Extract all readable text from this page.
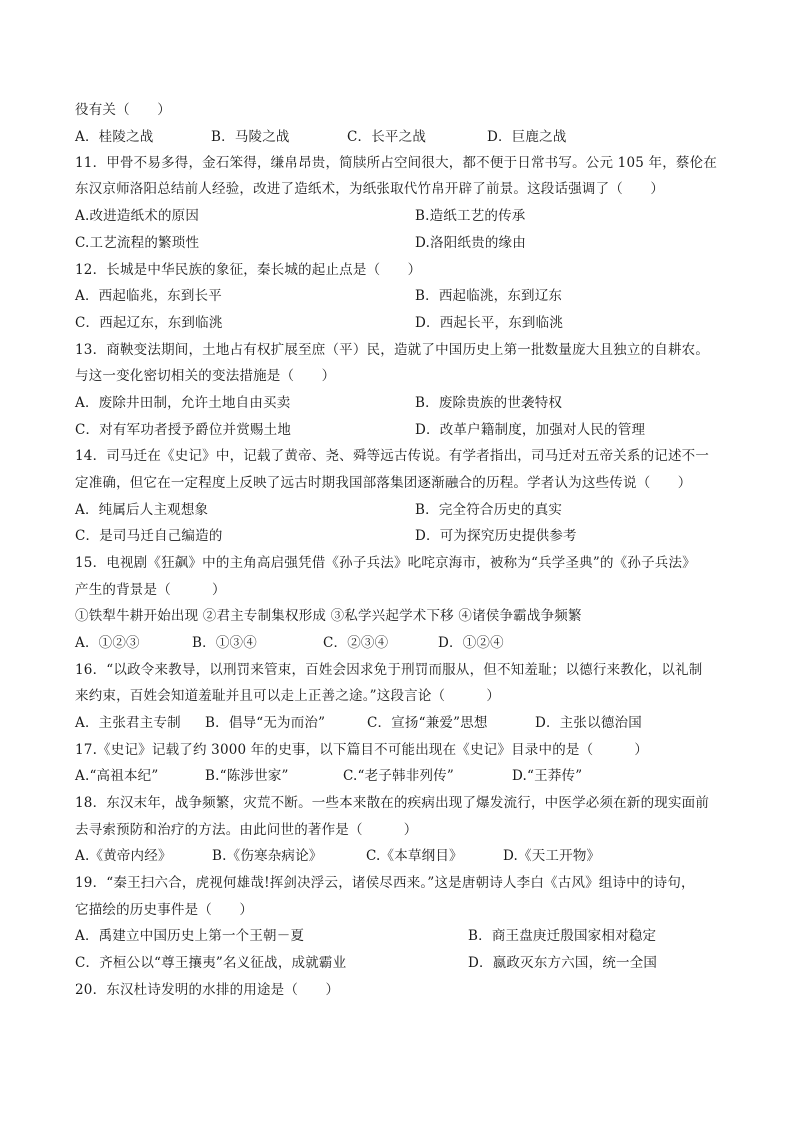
役有关（　　）
A．桂陵之战	B．马陵之战	C．长平之战	D．巨鹿之战
11．甲骨不易多得，金石笨得，缣帛昂贵，简牍所占空间很大，都不便于日常书写。公元 105 年，蔡伦在
东汉京师洛阳总结前人经验，改进了造纸术，为纸张取代竹帛开辟了前景。这段话强调了（　　）
A.改进造纸术的原因	B.造纸工艺的传承
C.工艺流程的繁琐性	D.洛阳纸贵的缘由
12．长城是中华民族的象征，秦长城的起止点是（　　）
A．西起临兆，东到长平	B．西起临洮，东到辽东
C．西起辽东，东到临洮	D．西起长平，东到临洮
13．商鞅变法期间，土地占有权扩展至庶（平）民，造就了中国历史上第一批数量庞大且独立的自耕农。
与这一变化密切相关的变法措施是（　　）
A．废除井田制，允许土地自由买卖	B．废除贵族的世袭特权
C．对有军功者授予爵位并赏赐土地	D．改革户籍制度，加强对人民的管理
14．司马迁在《史记》中，记载了黄帝、尧、舜等远古传说。有学者指出，司马迁对五帝关系的记述不一
定准确，但它在一定程度上反映了远古时期我国部落集团逐渐融合的历程。学者认为这些传说（　　）
A．纯属后人主观想象	B．完全符合历史的真实
C．是司马迁自己编造的	D．可为探究历史提供参考
15．电视剧《狂飙》中的主角高启强凭借《孙子兵法》叱咤京海市，被称为“兵学圣典”的《孙子兵法》
产生的背景是（　　　）
①铁犁牛耕开始出现 ②君主专制集权形成 ③私学兴起学术下移 ④诸侯争霸战争频繁
A．①②③	B．①③④	C．②③④	D．①②④
16．“以政令来教导，以刑罚来管束，百姓会因求免于刑罚而服从，但不知羞耻；以德行来教化，以礼制
来约束，百姓会知道羞耻并且可以走上正善之途。”这段言论（　　　）
A．主张君主专制 B．倡导“无为而治”	C．宣扬“兼爱”思想	D．主张以德治国
17.《史记》记载了约 3000 年的史事，以下篇目不可能出现在《史记》目录中的是（　　　）
A.“高祖本纪”	B.“陈涉世家”	C.“老子韩非列传”	D.“王莽传”
18．东汉末年，战争频繁，灾荒不断。一些本来散在的疾病出现了爆发流行，中医学必须在新的现实面前
去寻索预防和治疗的方法。由此问世的著作是（　　　）
A.《黄帝内经》	B.《伤寒杂病论》	C.《本草纲目》	D.《天工开物》
19．“秦王扫六合，虎视何雄哉!挥剑决浮云，诸侯尽西来。”这是唐朝诗人李白《古风》组诗中的诗句，
它描绘的历史事件是（　　）
A．禹建立中国历史上第一个王朝－夏	B．商王盘庚迁殷国家相对稳定
C．齐桓公以“尊王攘夷”名义征战，成就霸业	D．嬴政灭东方六国，统一全国
20．东汉杜诗发明的水排的用途是（　　）
